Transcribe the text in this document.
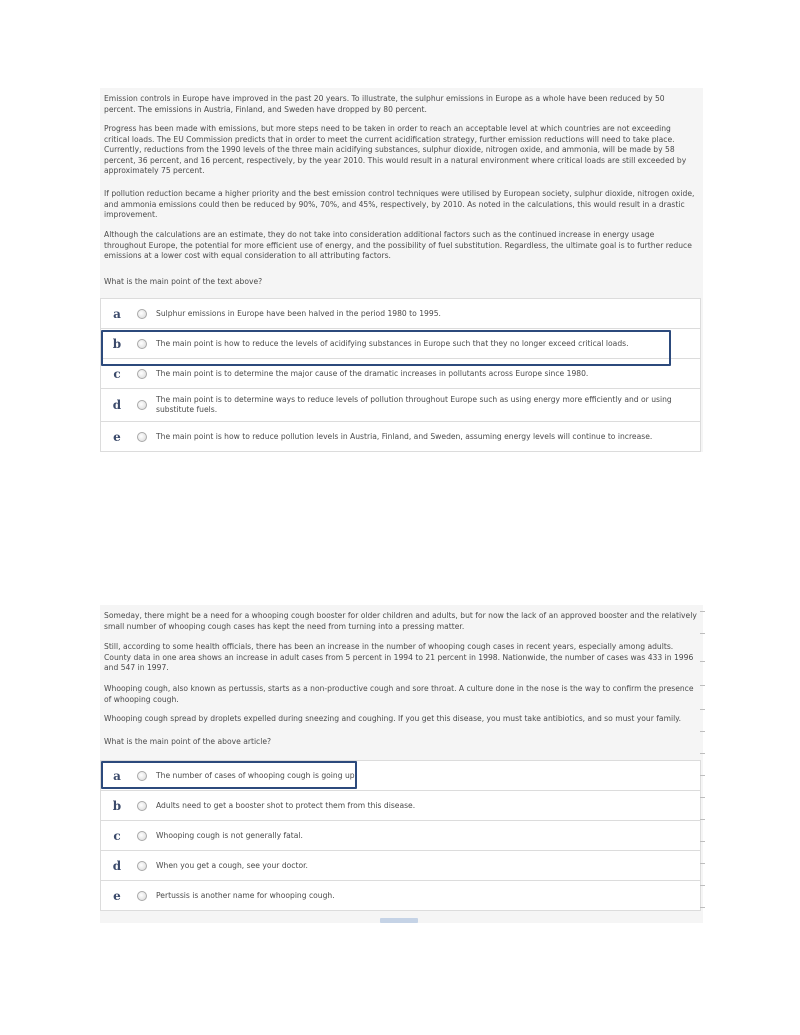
Emission controls in Europe have improved in the past 20 years. To illustrate, the sulphur emissions in Europe as a whole have been reduced by 50 percent. The emissions in Austria, Finland, and Sweden have dropped by 80 percent.

Progress has been made with emissions, but more steps need to be taken in order to reach an acceptable level at which countries are not exceeding critical loads. The EU Commission predicts that in order to meet the current acidification strategy, further emission reductions will need to take place. Currently, reductions from the 1990 levels of the three main acidifying substances, sulphur dioxide, nitrogen oxide, and ammonia, will be made by 58 percent, 36 percent, and 16 percent, respectively, by the year 2010. This would result in a natural environment where critical loads are still exceeded by approximately 75 percent.

If pollution reduction became a higher priority and the best emission control techniques were utilised by European society, sulphur dioxide, nitrogen oxide, and ammonia emissions could then be reduced by 90%, 70%, and 45%, respectively, by 2010. As noted in the calculations, this would result in a drastic improvement.

Although the calculations are an estimate, they do not take into consideration additional factors such as the continued increase in energy usage throughout Europe, the potential for more efficient use of energy, and the possibility of fuel substitution. Regardless, the ultimate goal is to further reduce emissions at a lower cost with equal consideration to all attributing factors.

What is the main point of the text above?

a	Sulphur emissions in Europe have been halved in the period 1980 to 1995.
b	The main point is how to reduce the levels of acidifying substances in Europe such that they no longer exceed critical loads.
c	The main point is to determine the major cause of the dramatic increases in pollutants across Europe since 1980.
d	The main point is to determine ways to reduce levels of pollution throughout Europe such as using energy more efficiently and or using substitute fuels.
e	The main point is how to reduce pollution levels in Austria, Finland, and Sweden, assuming energy levels will continue to increase.

Someday, there might be a need for a whooping cough booster for older children and adults, but for now the lack of an approved booster and the relatively small number of whooping cough cases has kept the need from turning into a pressing matter.

Still, according to some health officials, there has been an increase in the number of whooping cough cases in recent years, especially among adults. County data in one area shows an increase in adult cases from 5 percent in 1994 to 21 percent in 1998. Nationwide, the number of cases was 433 in 1996 and 547 in 1997.

Whooping cough, also known as pertussis, starts as a non-productive cough and sore throat. A culture done in the nose is the way to confirm the presence of whooping cough.

Whooping cough spread by droplets expelled during sneezing and coughing. If you get this disease, you must take antibiotics, and so must your family.

What is the main point of the above article?

a	The number of cases of whooping cough is going up.
b	Adults need to get a booster shot to protect them from this disease.
c	Whooping cough is not generally fatal.
d	When you get a cough, see your doctor.
e	Pertussis is another name for whooping cough.
